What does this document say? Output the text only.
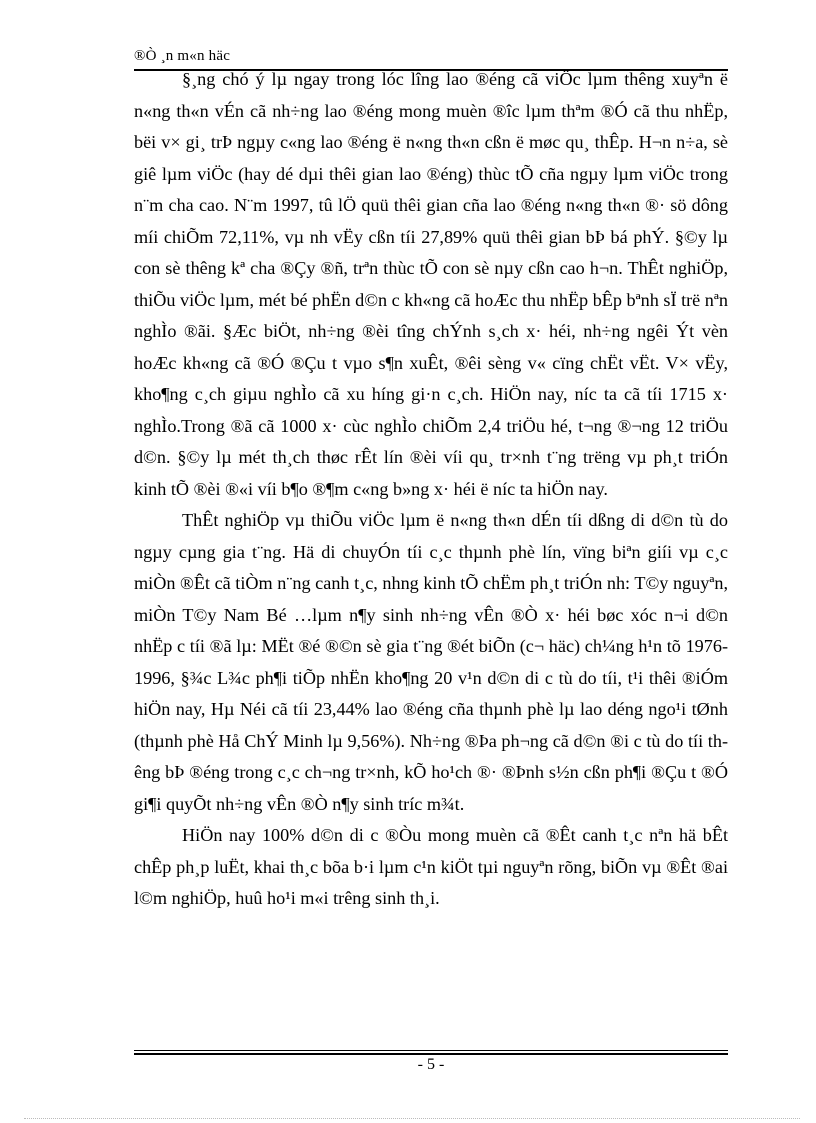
®Ò ¸n m«n häc

§¸ng chó ý lµ ngay trong lóc lîng lao ®éng cã viÖc lµm thêng xuyªn ë n«ng th«n vÉn cã nh÷ng lao ®éng mong muèn ®îc lµm thªm ®Ó cã thu nhËp, bëi v× gi¸ trÞ ngµy c«ng lao ®éng ë n«ng th«n cßn ë møc qu¸ thÊp. H¬n n÷a, sè giê lµm viÖc (hay dé dµi thêi gian lao ®éng) thùc tÕ cña ngµy lµm viÖc trong n¨m cha cao. N¨m 1997, tû lÖ quü thêi gian cña lao ®éng n«ng th«n ®· sö dông míi chiÕm 72,11%, vµ nh vËy cßn tíi 27,89% quü thêi gian bÞ bá phÝ. §©y lµ con sè thêng kª cha ®Çy ®ñ, trªn thùc tÕ con sè nµy cßn cao h¬n. ThÊt nghiÖp, thiÕu viÖc lµm, mét bé phËn d©n c kh«ng cã hoÆc thu nhËp bÊp bªnh sÏ trë nªn nghÌo ®ãi. §Æc biÖt, nh÷ng ®èi tîng chÝnh s¸ch x· héi, nh÷ng ngêi Ýt vèn hoÆc kh«ng cã ®Ó ®Çu t vµo s¶n xuÊt, ®êi sèng v« cïng chËt vËt. V× vËy, kho¶ng c¸ch giµu nghÌo cã xu híng gi·n c¸ch. HiÖn nay, níc ta cã tíi 1715 x· nghÌo.Trong ®ã cã 1000 x· cùc nghÌo chiÕm 2,4 triÖu hé, t¬ng ®¬ng 12 triÖu d©n. §©y lµ mét th¸ch thøc rÊt lín ®èi víi qu¸ tr×nh t¨ng trëng vµ ph¸t triÓn kinh tÕ ®èi ®«i víi b¶o ®¶m c«ng b»ng x· héi ë níc ta hiÖn nay.

ThÊt nghiÖp vµ thiÕu viÖc lµm ë n«ng th«n dÉn tíi dßng di d©n tù do ngµy cµng gia t¨ng. Hä di chuyÓn tíi c¸c thµnh phè lín, vïng biªn giíi vµ c¸c miÒn ®Êt cã tiÒm n¨ng canh t¸c, nhng kinh tÕ chËm ph¸t triÓn nh: T©y nguyªn, miÒn T©y Nam Bé …lµm n¶y sinh nh÷ng vÊn ®Ò x· héi bøc xóc n¬i d©n nhËp c tíi ®ã lµ: MËt ®é ®©n sè gia t¨ng ®ét biÕn (c¬ häc) ch¼ng h¹n tõ 1976-1996, §¾c L¾c ph¶i tiÕp nhËn kho¶ng 20 v¹n d©n di c tù do tíi, t¹i thêi ®iÓm hiÖn nay, Hµ Néi cã tíi 23,44% lao ®éng cña thµnh phè lµ lao déng ngo¹i tØnh (thµnh phè Hå ChÝ Minh lµ 9,56%). Nh÷ng ®Þa ph¬ng cã d©n ®i c tù do tíi thêng bÞ ®éng trong c¸c ch¬ng tr×nh, kÕ ho¹ch ®· ®Þnh s½n cßn ph¶i ®Çu t ®Ó gi¶i quyÕt nh÷ng vÊn ®Ò n¶y sinh tríc m¾t.

HiÖn nay 100% d©n di c ®Òu mong muèn cã ®Êt canh t¸c nªn hä bÊt chÊp ph¸p luËt, khai th¸c bõa b·i lµm c¹n kiÖt tµi nguyªn rõng, biÕn vµ ®Êt ®ai l©m nghiÖp, huû ho¹i m«i trêng sinh th¸i.

- 5 -
